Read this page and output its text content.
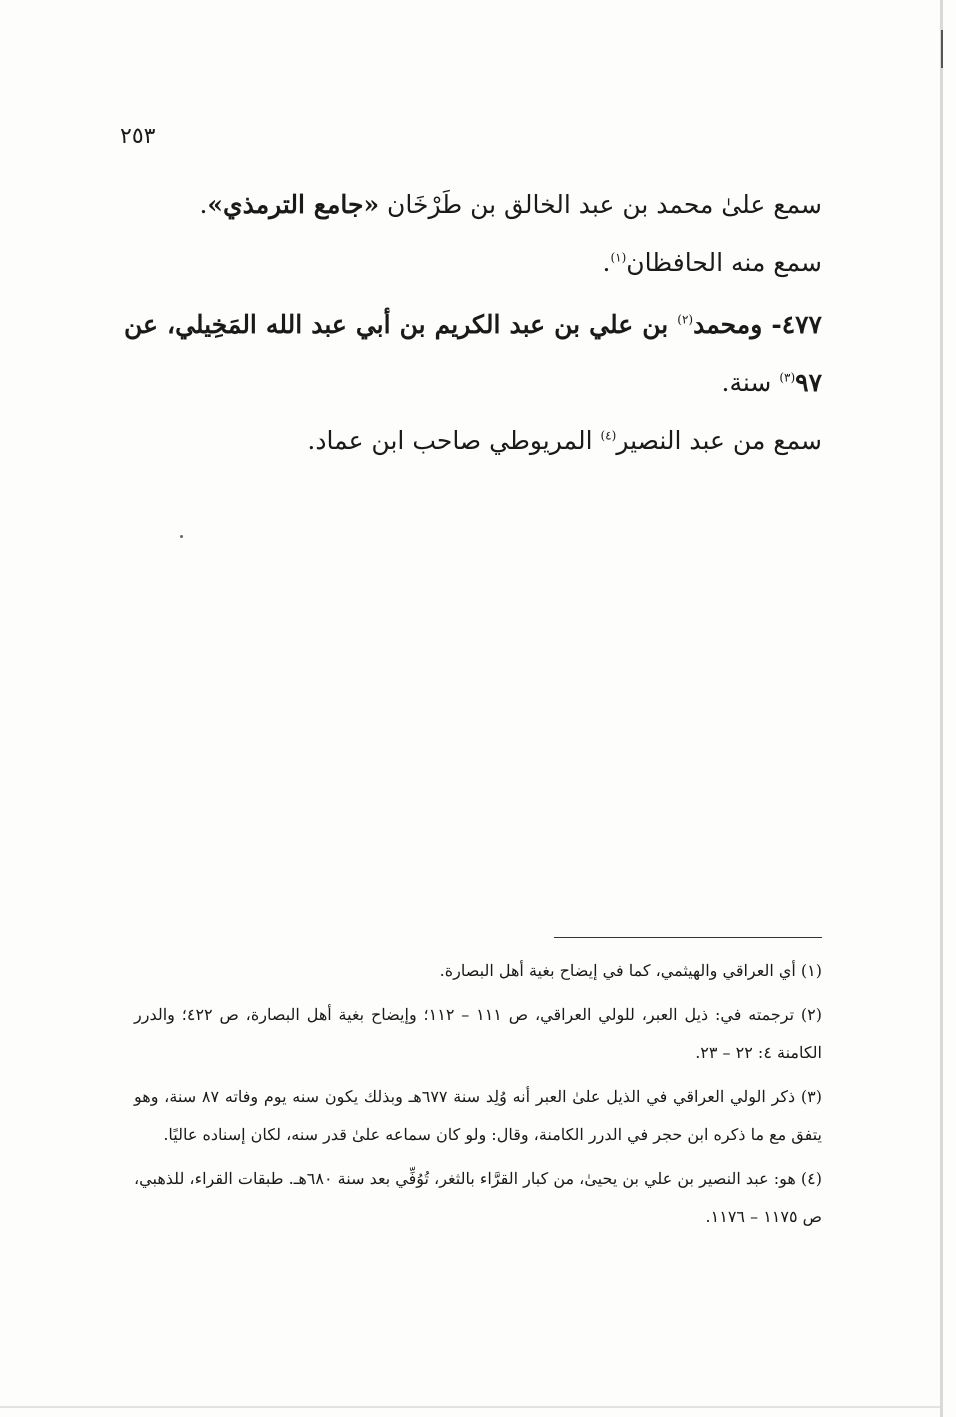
٢٥٣

سمع علىٰ محمد بن عبد الخالق بن طَرْخَان «جامع الترمذي».

سمع منه الحافظان$^{(١)}$.

٤٧٧- ومحمد$^{(٢)}$ بن علي بن عبد الكريم بن أبي عبد الله المَخِيلي، عن ٩٧$^{(٣)}$ سنة.

سمع من عبد النصير$^{(٤)}$ المريوطي صاحب ابن عماد.

(١) أي العراقي والهيثمي، كما في إيضاح بغية أهل البصارة.

(٢) ترجمته في: ذيل العبر، للولي العراقي، ص ١١١ – ١١٢؛ وإيضاح بغية أهل البصارة، ص ٤٢٢؛ والدرر الكامنة ٤: ٢٢ – ٢٣.

(٣) ذكر الولي العراقي في الذيل علىٰ العبر أنه وُلِد سنة ٦٧٧هـ وبذلك يكون سنه يوم وفاته ٨٧ سنة، وهو يتفق مع ما ذكره ابن حجر في الدرر الكامنة، وقال: ولو كان سماعه علىٰ قدر سنه، لكان إسناده عاليًا.

(٤) هو: عبد النصير بن علي بن يحيىٰ، من كبار القرَّاء بالثغر، تُوُفِّي بعد سنة ٦٨٠هـ. طبقات القراء، للذهبي، ص ١١٧٥ – ١١٧٦.
